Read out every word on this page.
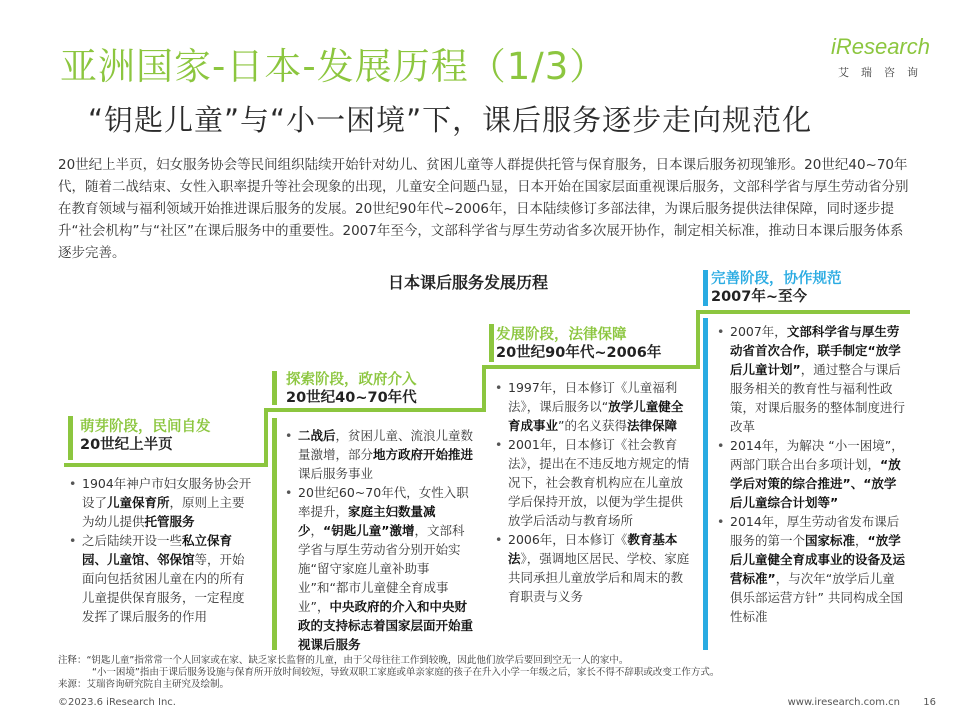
亚洲国家-日本-发展历程（1/3）
“钥匙儿童”与“小一困境”下，课后服务逐步走向规范化
iResearch
艾瑞咨询

20世纪上半页，妇女服务协会等民间组织陆续开始针对幼儿、贫困儿童等人群提供托管与保育服务，日本课后服务初现雏形。20世纪40~70年代，随着二战结束、女性入职率提升等社会现象的出现，儿童安全问题凸显，日本开始在国家层面重视课后服务，文部科学省与厚生劳动省分别在教育领域与福利领域开始推进课后服务的发展。20世纪90年代~2006年，日本陆续修订多部法律，为课后服务提供法律保障，同时逐步提升“社会机构”与“社区”在课后服务中的重要性。2007年至今，文部科学省与厚生劳动省多次展开协作，制定相关标准，推动日本课后服务体系逐步完善。

日本课后服务发展历程
萌芽阶段，民间自发
20世纪上半页
• 1904年神户市妇女服务协会开设了儿童保育所，原则上主要为幼儿提供托管服务
• 之后陆续开设一些私立保育园、儿童馆、邻保馆等，开始面向包括贫困儿童在内的所有儿童提供保育服务，一定程度发挥了课后服务的作用
探索阶段，政府介入
20世纪40~70年代
• 二战后，贫困儿童、流浪儿童数量激增，部分地方政府开始推进课后服务事业
• 20世纪60~70年代，女性入职率提升，家庭主妇数量减少，“钥匙儿童”激增，文部科学省与厚生劳动省分别开始实施“留守家庭儿童补助事业”和“都市儿童健全育成事业”，中央政府的介入和中央财政的支持标志着国家层面开始重视课后服务
发展阶段，法律保障
20世纪90年代~2006年
• 1997年，日本修订《儿童福利法》，课后服务以“放学儿童健全育成事业”的名义获得法律保障
• 2001年，日本修订《社会教育法》，提出在不违反地方规定的情况下，社会教育机构应在儿童放学后保持开放，以便为学生提供放学后活动与教育场所
• 2006年，日本修订《教育基本法》，强调地区居民、学校、家庭共同承担儿童放学后和周末的教育职责与义务
完善阶段，协作规范
2007年~至今
• 2007年，文部科学省与厚生劳动省首次合作，联手制定“放学后儿童计划”，通过整合与课后服务相关的教育性与福利性政策，对课后服务的整体制度进行改革
• 2014年，为解决 “小一困境”，两部门联合出台多项计划，“放学后对策的综合推进”、“放学后儿童综合计划等”
• 2014年，厚生劳动省发布课后服务的第一个国家标准，“放学后儿童健全育成事业的设备及运营标准”，与次年“放学后儿童俱乐部运营方针” 共同构成全国性标准
注释：“钥匙儿童”指常常一个人回家或在家、缺乏家长监督的儿童，由于父母往往工作到较晚，因此他们放学后要回到空无一人的家中。
“小一困境”指由于课后服务设施与保育所开放时间较短，导致双职工家庭或单亲家庭的孩子在升入小学一年级之后，家长不得不辞职或改变工作方式。
来源：艾瑞咨询研究院自主研究及绘制。
©2023.6 iResearch Inc.	www.iresearch.com.cn 16
